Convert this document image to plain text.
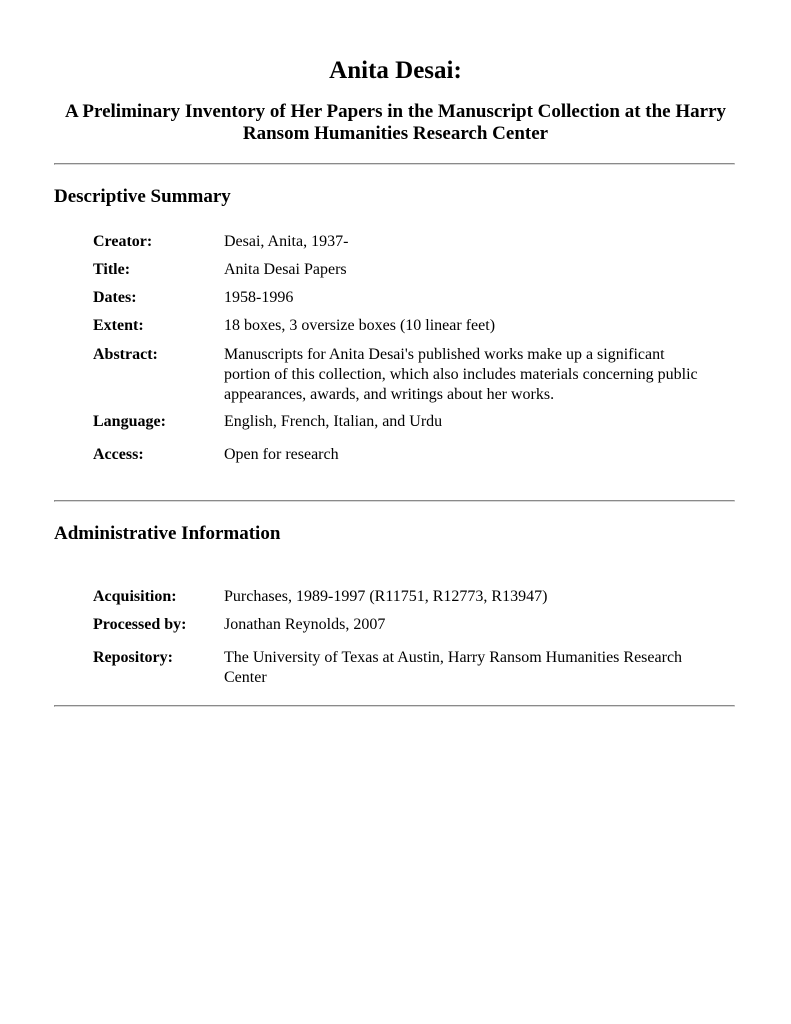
Anita Desai:
A Preliminary Inventory of Her Papers in the Manuscript Collection at the Harry Ransom Humanities Research Center
Descriptive Summary
Creator:	Desai, Anita, 1937-
Title:	Anita Desai Papers
Dates:	1958-1996
Extent:	18 boxes, 3 oversize boxes (10 linear feet)
Abstract:	Manuscripts for Anita Desai's published works make up a significant portion of this collection, which also includes materials concerning public appearances, awards, and writings about her works.
Language:	English, French, Italian, and Urdu
Access:	Open for research
Administrative Information
Acquisition:	Purchases, 1989-1997 (R11751, R12773, R13947)
Processed by:	Jonathan Reynolds, 2007
Repository:	The University of Texas at Austin, Harry Ransom Humanities Research Center
